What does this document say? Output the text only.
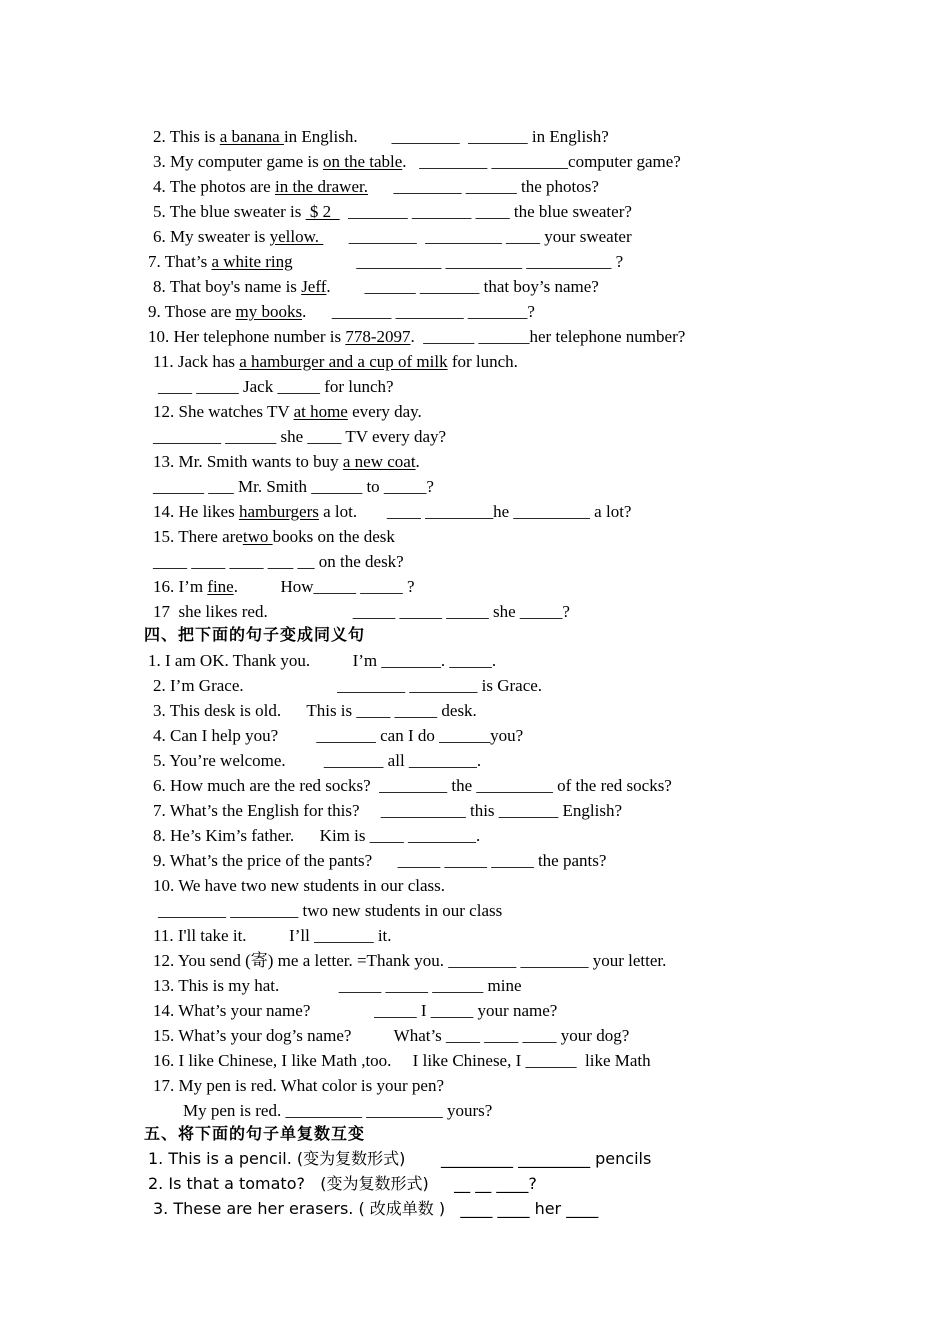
2. This is a banana in English.        ________  _______ in English?
3. My computer game is on the table.   ________ _________computer game?
4. The photos are in the drawer.      ________ ______ the photos?
5. The blue sweater is  $ 2    _______ _______ ____ the blue sweater?
6. My sweater is yellow.       ________  _________ ____ your sweater
7. That’s a white ring               __________ _________ __________ ?
8. That boy's name is Jeff.        ______ _______ that boy’s name?
9. Those are my books.      _______ ________ _______?
10. Her telephone number is 778-2097.  ______ ______her telephone number?
11. Jack has a hamburger and a cup of milk for lunch.
____ _____ Jack _____ for lunch?
12. She watches TV at home every day.
________ ______ she ____ TV every day?
13. Mr. Smith wants to buy a new coat.
______ ___ Mr. Smith ______ to _____?
14. He likes hamburgers a lot.       ____ ________he _________ a lot?
15. There aretwo books on the desk
____ ____ ____ ___ __ on the desk?
16. I’m fine.          How_____ _____ ?
17  she likes red.                    _____ _____ _____ she _____?
四、把下面的句子变成同义句
1. I am OK. Thank you.          I’m _______. _____.
2. I’m Grace.                      ________ ________ is Grace.
3. This desk is old.      This is ____ _____ desk.
4. Can I help you?         _______ can I do ______you?
5. You’re welcome.         _______ all ________.
6. How much are the red socks?  ________ the _________ of the red socks?
7. What’s the English for this?     __________ this _______ English?
8. He’s Kim’s father.      Kim is ____ ________.
9. What’s the price of the pants?      _____ _____ _____ the pants?
10. We have two new students in our class.
________ ________ two new students in our class
11. I'll take it.          I’ll _______ it.
12. You send (寄) me a letter. =Thank you. ________ ________ your letter.
13. This is my hat.              _____ _____ ______ mine
14. What’s your name?               _____ I _____ your name?
15. What’s your dog’s name?          What’s ____ ____ ____ your dog?
16. I like Chinese, I like Math ,too.     I like Chinese, I ______  like Math
17. My pen is red. What color is your pen?
My pen is red. _________ _________ yours?
五、将下面的句子单复数互变
1. This is a pencil. (变为复数形式)       _________ _________ pencils
2. Is that a tomato?   (变为复数形式)     __ __ ____?
3. These are her erasers. ( 改成单数 )   ____ ____ her ____
